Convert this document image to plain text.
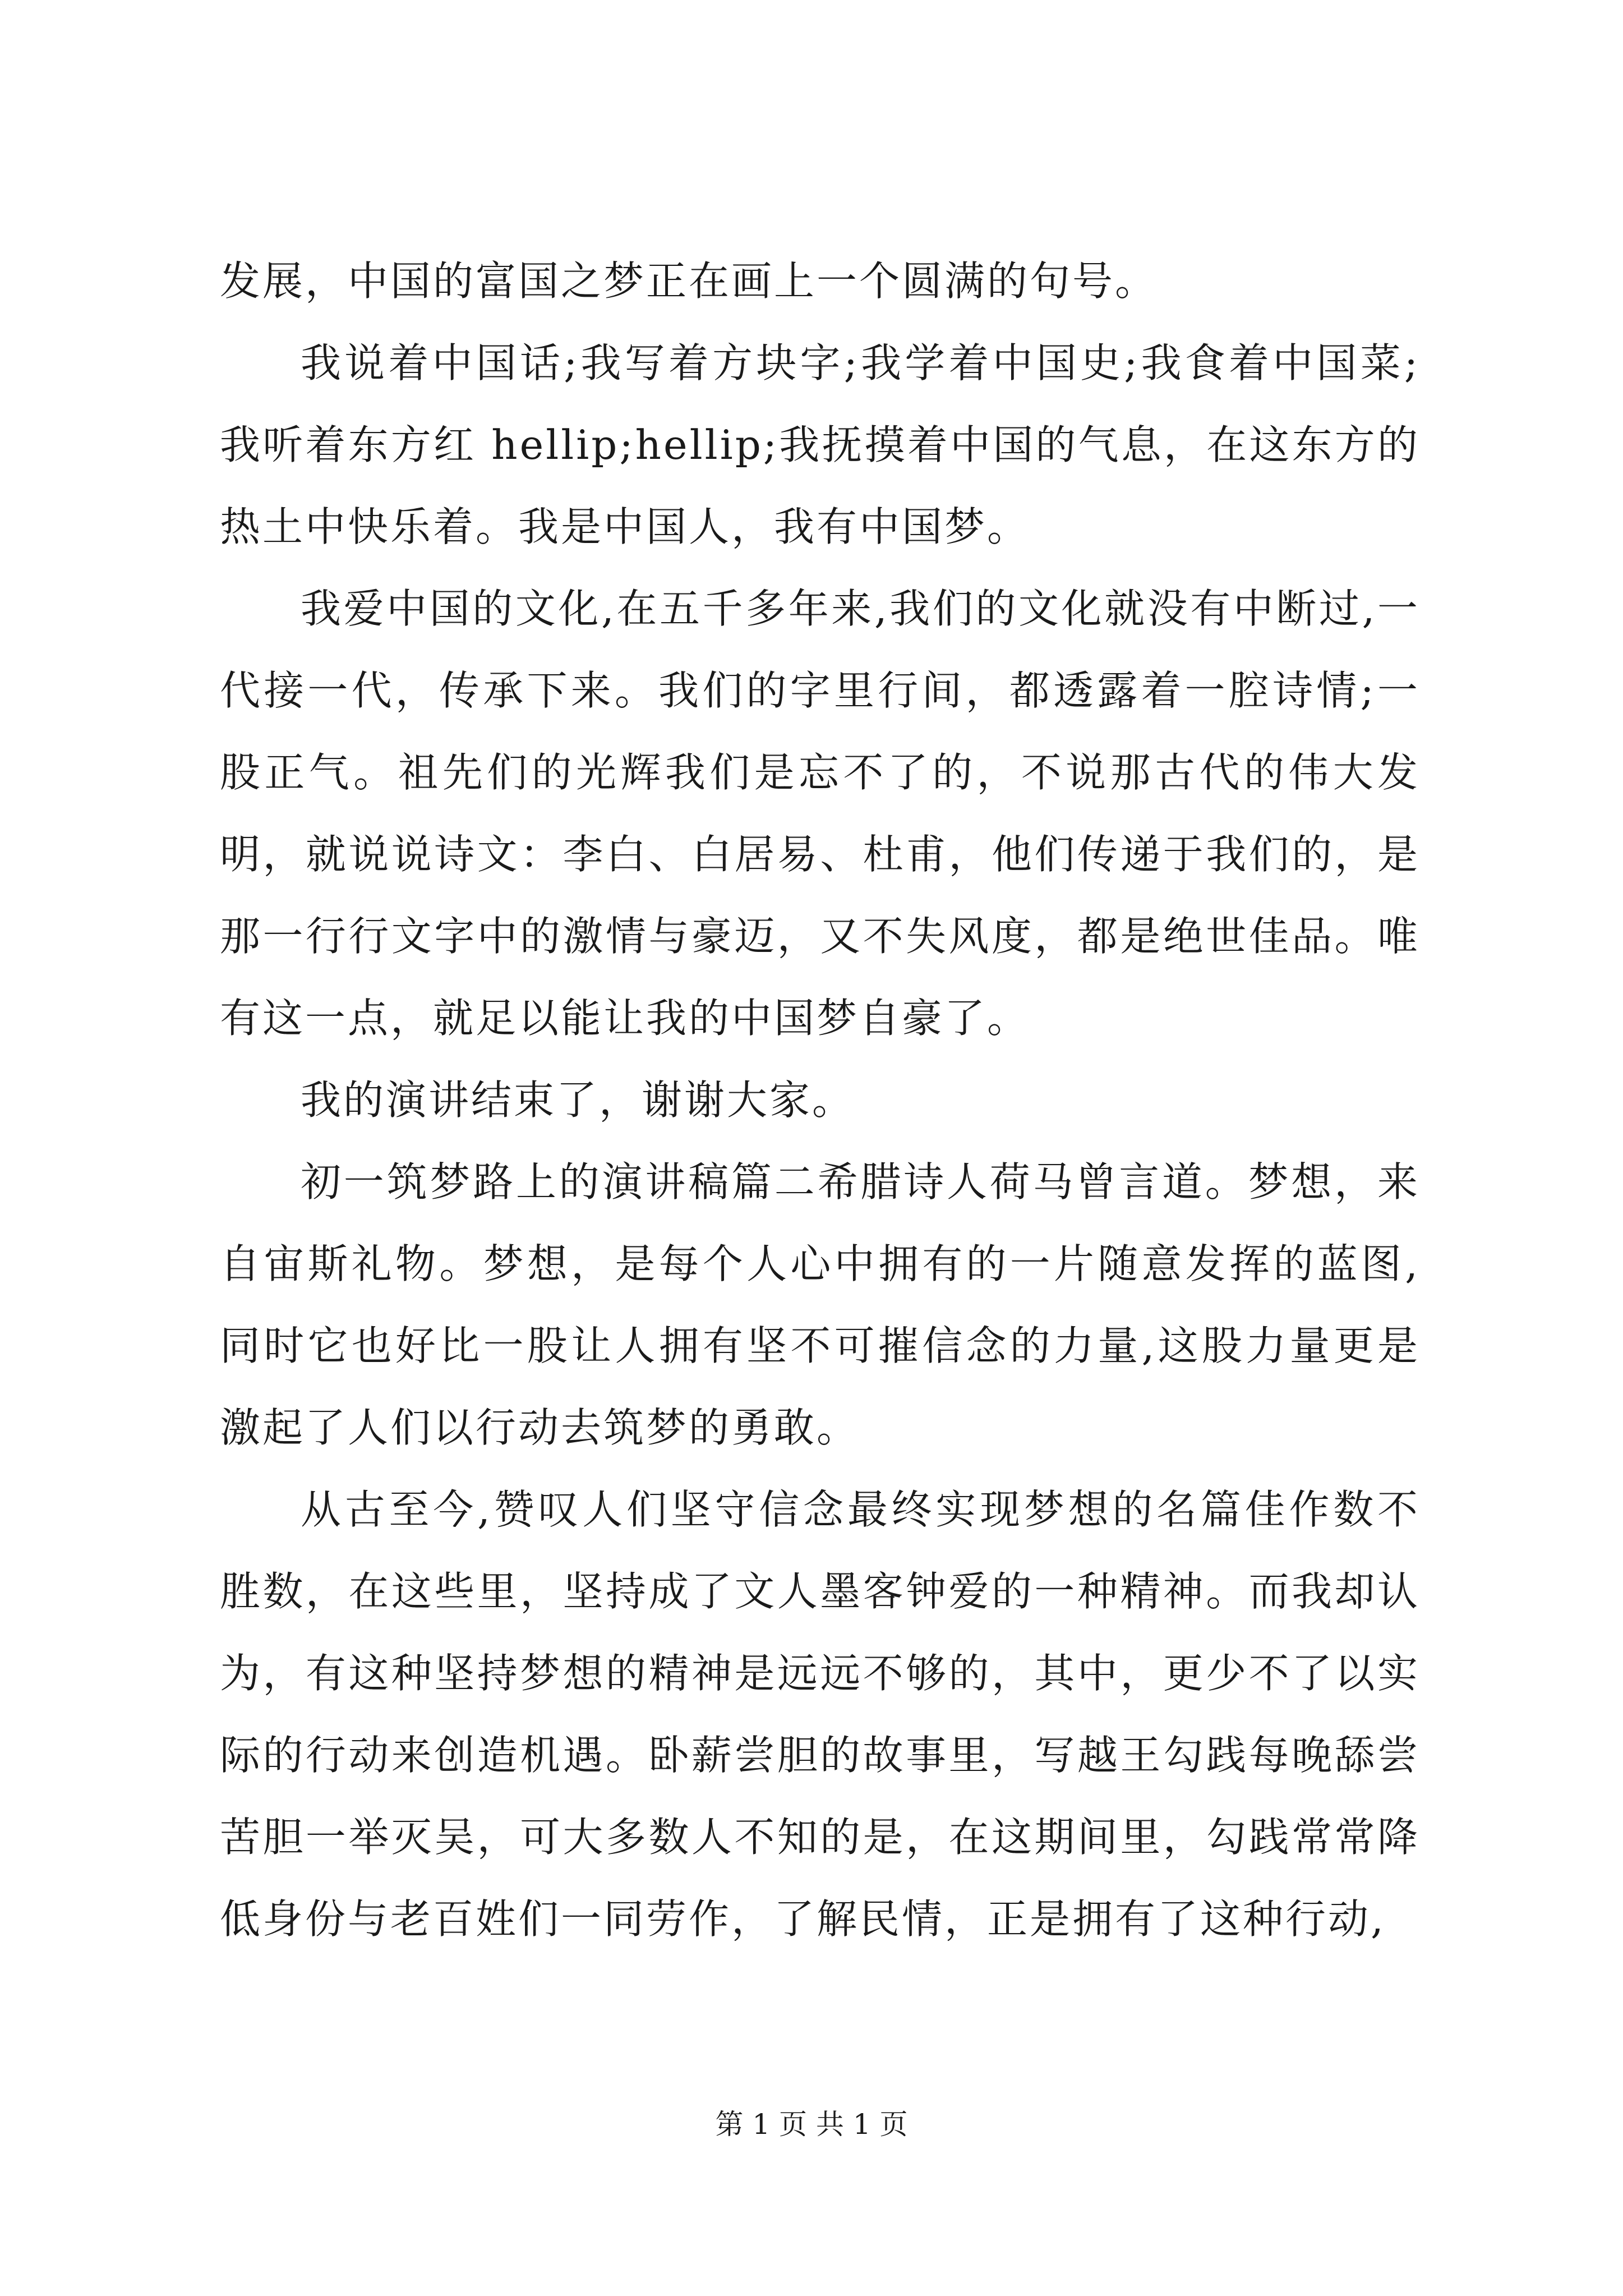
发展，中国的富国之梦正在画上一个圆满的句号。

我说着中国话;我写着方块字;我学着中国史;我食着中国菜;我听着东方红 hellip;hellip;我抚摸着中国的气息，在这东方的热土中快乐着。我是中国人，我有中国梦。

我爱中国的文化,在五千多年来,我们的文化就没有中断过,一代接一代，传承下来。我们的字里行间，都透露着一腔诗情;一股正气。祖先们的光辉我们是忘不了的，不说那古代的伟大发明，就说说诗文：李白、白居易、杜甫，他们传递于我们的，是那一行行文字中的激情与豪迈，又不失风度，都是绝世佳品。唯有这一点，就足以能让我的中国梦自豪了。

我的演讲结束了，谢谢大家。

初一筑梦路上的演讲稿篇二希腊诗人荷马曾言道。梦想，来自宙斯礼物。梦想，是每个人心中拥有的一片随意发挥的蓝图,同时它也好比一股让人拥有坚不可摧信念的力量,这股力量更是激起了人们以行动去筑梦的勇敢。

从古至今,赞叹人们坚守信念最终实现梦想的名篇佳作数不胜数，在这些里，坚持成了文人墨客钟爱的一种精神。而我却认为，有这种坚持梦想的精神是远远不够的，其中，更少不了以实际的行动来创造机遇。卧薪尝胆的故事里，写越王勾践每晚舔尝苦胆一举灭吴，可大多数人不知的是，在这期间里，勾践常常降低身份与老百姓们一同劳作，了解民情，正是拥有了这种行动,

第 1 页 共 1 页
